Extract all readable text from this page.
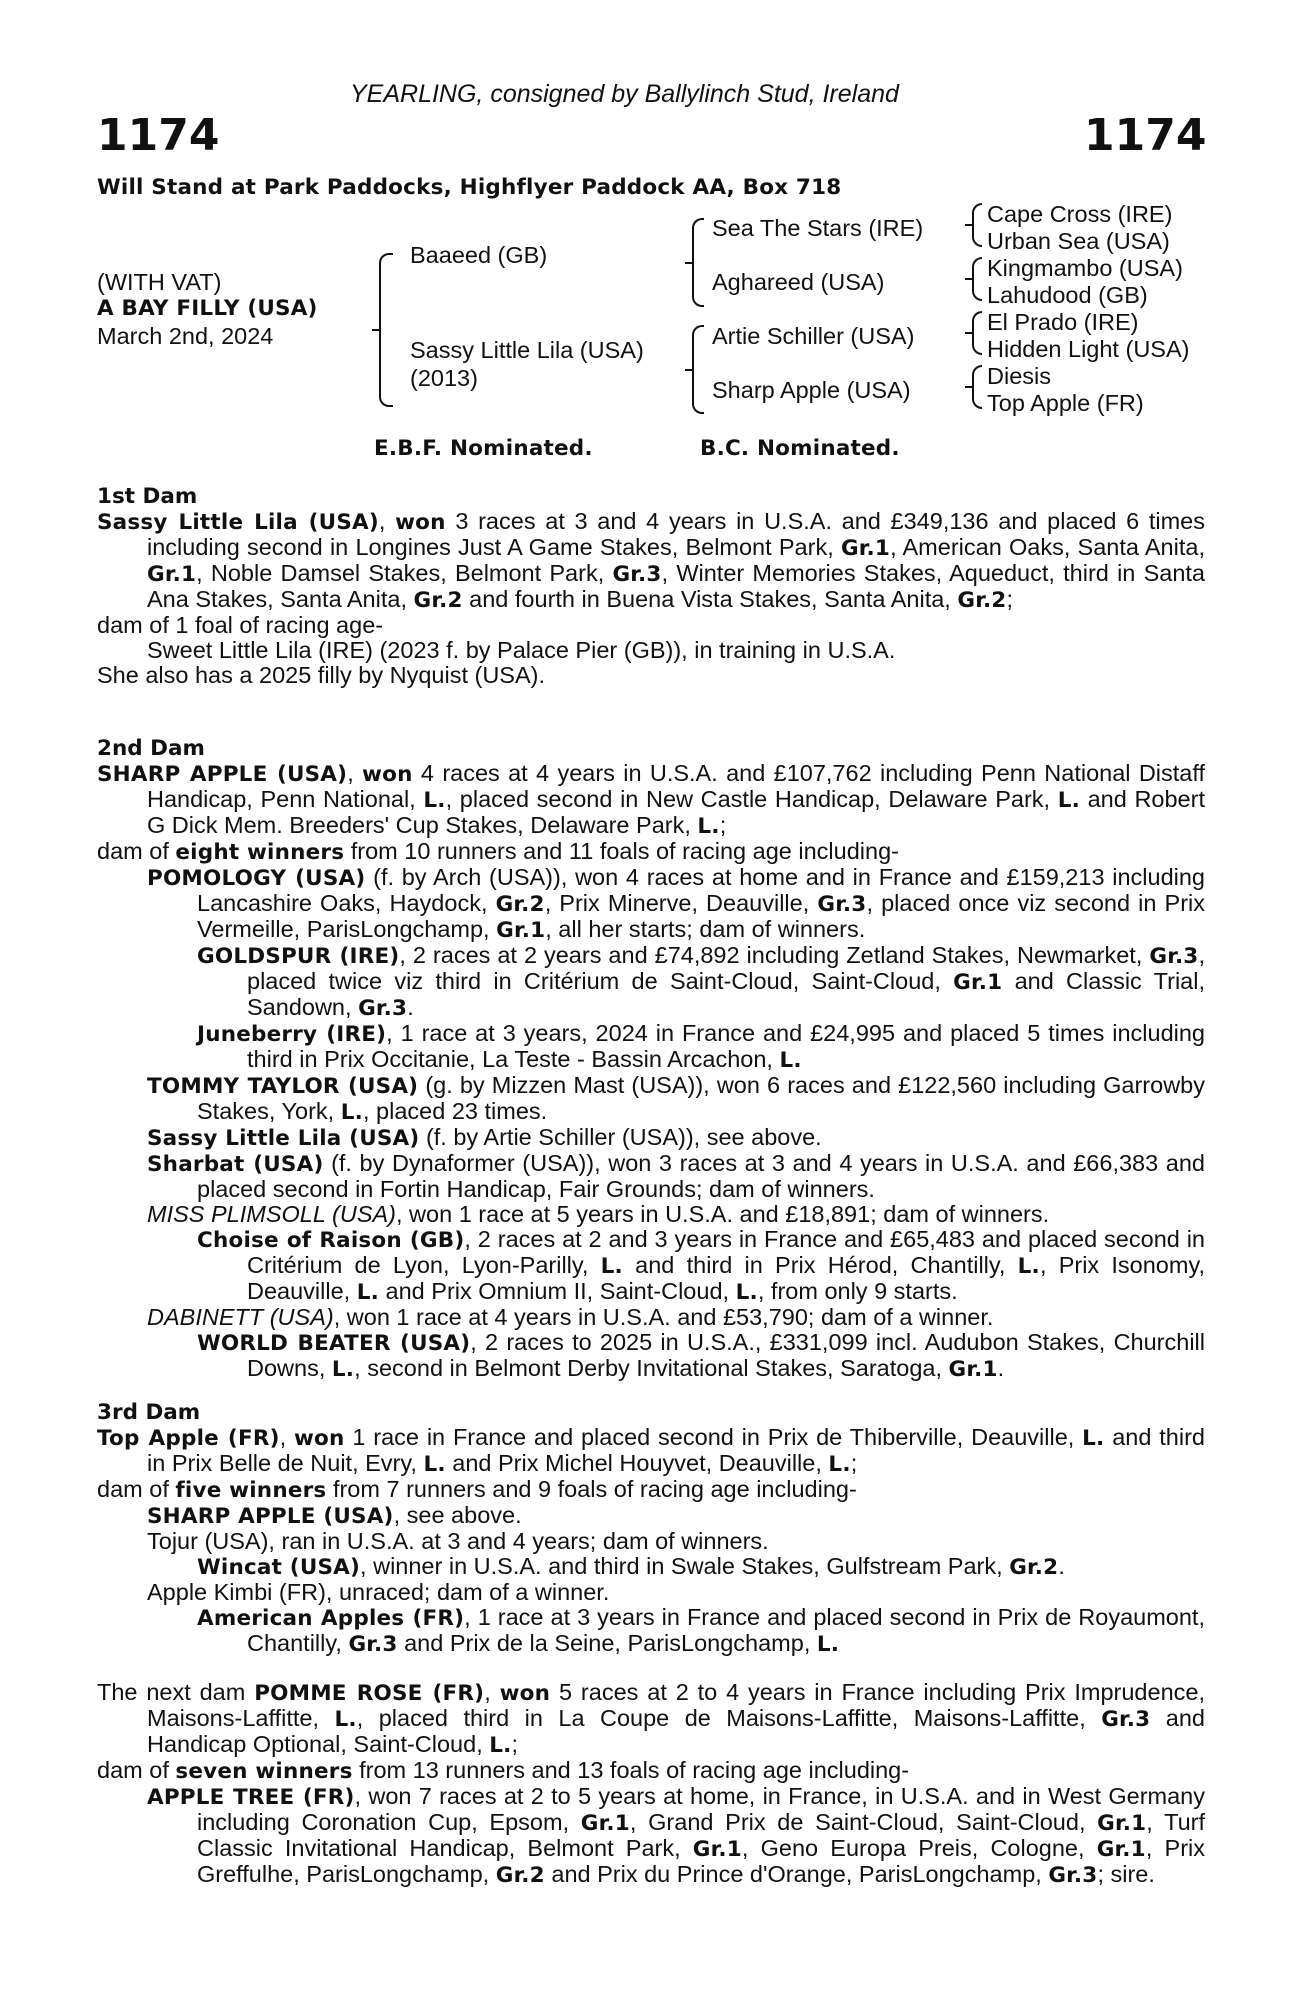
YEARLING, consigned by Ballylinch Stud, Ireland
1174	1174
Will Stand at Park Paddocks, Highflyer Paddock AA, Box 718
(WITH VAT)
A BAY FILLY (USA)
March 2nd, 2024
Baaeed (GB)
Sassy Little Lila (USA)
(2013)
Sea The Stars (IRE)
Aghareed (USA)
Artie Schiller (USA)
Sharp Apple (USA)
Cape Cross (IRE)
Urban Sea (USA)
Kingmambo (USA)
Lahudood (GB)
El Prado (IRE)
Hidden Light (USA)
Diesis
Top Apple (FR)
E.B.F. Nominated.	B.C. Nominated.
1st Dam

Sassy Little Lila (USA), won 3 races at 3 and 4 years in U.S.A. and £349,136 and placed 6 times including second in Longines Just A Game Stakes, Belmont Park, Gr.1, American Oaks, Santa Anita, Gr.1, Noble Damsel Stakes, Belmont Park, Gr.3, Winter Memories Stakes, Aqueduct, third in Santa Ana Stakes, Santa Anita, Gr.2 and fourth in Buena Vista Stakes, Santa Anita, Gr.2;

dam of 1 foal of racing age-

Sweet Little Lila (IRE) (2023 f. by Palace Pier (GB)), in training in U.S.A.

She also has a 2025 filly by Nyquist (USA).

2nd Dam

SHARP APPLE (USA), won 4 races at 4 years in U.S.A. and £107,762 including Penn National Distaff Handicap, Penn National, L., placed second in New Castle Handicap, Delaware Park, L. and Robert G Dick Mem. Breeders' Cup Stakes, Delaware Park, L.;

dam of eight winners from 10 runners and 11 foals of racing age including-

POMOLOGY (USA) (f. by Arch (USA)), won 4 races at home and in France and £159,213 including Lancashire Oaks, Haydock, Gr.2, Prix Minerve, Deauville, Gr.3, placed once viz second in Prix Vermeille, ParisLongchamp, Gr.1, all her starts; dam of winners.

GOLDSPUR (IRE), 2 races at 2 years and £74,892 including Zetland Stakes, Newmarket, Gr.3, placed twice viz third in Critérium de Saint-Cloud, Saint-Cloud, Gr.1 and Classic Trial, Sandown, Gr.3.

Juneberry (IRE), 1 race at 3 years, 2024 in France and £24,995 and placed 5 times including third in Prix Occitanie, La Teste - Bassin Arcachon, L.

TOMMY TAYLOR (USA) (g. by Mizzen Mast (USA)), won 6 races and £122,560 including Garrowby Stakes, York, L., placed 23 times.

Sassy Little Lila (USA) (f. by Artie Schiller (USA)), see above.

Sharbat (USA) (f. by Dynaformer (USA)), won 3 races at 3 and 4 years in U.S.A. and £66,383 and placed second in Fortin Handicap, Fair Grounds; dam of winners.

MISS PLIMSOLL (USA), won 1 race at 5 years in U.S.A. and £18,891; dam of winners.

Choise of Raison (GB), 2 races at 2 and 3 years in France and £65,483 and placed second in Critérium de Lyon, Lyon-Parilly, L. and third in Prix Hérod, Chantilly, L., Prix Isonomy, Deauville, L. and Prix Omnium II, Saint-Cloud, L., from only 9 starts.

DABINETT (USA), won 1 race at 4 years in U.S.A. and £53,790; dam of a winner.

WORLD BEATER (USA), 2 races to 2025 in U.S.A., £331,099 incl. Audubon Stakes, Churchill Downs, L., second in Belmont Derby Invitational Stakes, Saratoga, Gr.1.

3rd Dam

Top Apple (FR), won 1 race in France and placed second in Prix de Thiberville, Deauville, L. and third in Prix Belle de Nuit, Evry, L. and Prix Michel Houyvet, Deauville, L.;

dam of five winners from 7 runners and 9 foals of racing age including-

SHARP APPLE (USA), see above.

Tojur (USA), ran in U.S.A. at 3 and 4 years; dam of winners.

Wincat (USA), winner in U.S.A. and third in Swale Stakes, Gulfstream Park, Gr.2.

Apple Kimbi (FR), unraced; dam of a winner.

American Apples (FR), 1 race at 3 years in France and placed second in Prix de Royaumont, Chantilly, Gr.3 and Prix de la Seine, ParisLongchamp, L.

The next dam POMME ROSE (FR), won 5 races at 2 to 4 years in France including Prix Imprudence, Maisons-Laffitte, L., placed third in La Coupe de Maisons-Laffitte, Maisons-Laffitte, Gr.3 and Handicap Optional, Saint-Cloud, L.;

dam of seven winners from 13 runners and 13 foals of racing age including-

APPLE TREE (FR), won 7 races at 2 to 5 years at home, in France, in U.S.A. and in West Germany including Coronation Cup, Epsom, Gr.1, Grand Prix de Saint-Cloud, Saint-Cloud, Gr.1, Turf Classic Invitational Handicap, Belmont Park, Gr.1, Geno Europa Preis, Cologne, Gr.1, Prix Greffulhe, ParisLongchamp, Gr.2 and Prix du Prince d'Orange, ParisLongchamp, Gr.3; sire.
